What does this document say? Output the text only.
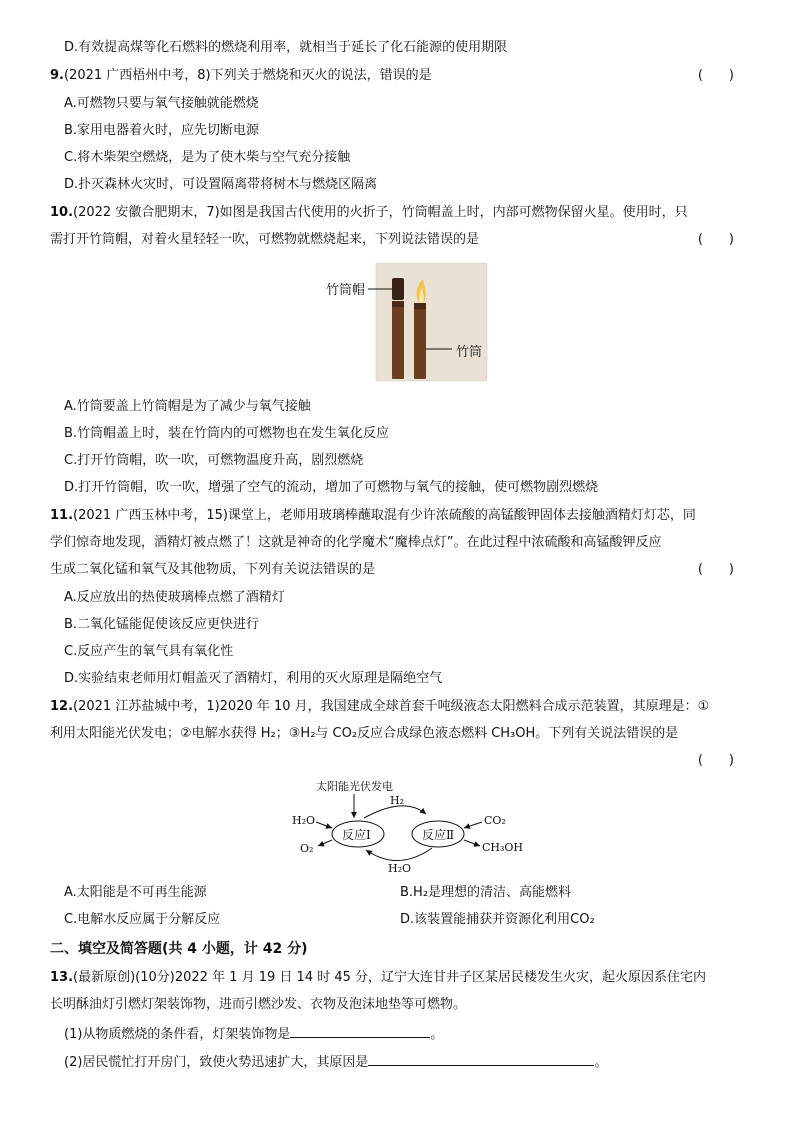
D.有效提高煤等化石燃料的燃烧利用率，就相当于延长了化石能源的使用期限
9.(2021 广西梧州中考，8)下列关于燃烧和灭火的说法，错误的是	(　　)
A.可燃物只要与氧气接触就能燃烧
B.家用电器着火时，应先切断电源
C.将木柴架空燃烧，是为了使木柴与空气充分接触
D.扑灭森林火灾时，可设置隔离带将树木与燃烧区隔离
10.(2022 安徽合肥期末，7)如图是我国古代使用的火折子，竹筒帽盖上时，内部可燃物保留火星。使用时，只
需打开竹筒帽，对着火星轻轻一吹，可燃物就燃烧起来，下列说法错误的是	(　　)
竹筒帽
竹筒
A.竹筒要盖上竹筒帽是为了减少与氧气接触
B.竹筒帽盖上时，装在竹筒内的可燃物也在发生氧化反应
C.打开竹筒帽，吹一吹，可燃物温度升高，剧烈燃烧
D.打开竹筒帽，吹一吹，增强了空气的流动，增加了可燃物与氧气的接触，使可燃物剧烈燃烧
11.(2021 广西玉林中考，15)课堂上，老师用玻璃棒蘸取混有少许浓硫酸的高锰酸钾固体去接触酒精灯灯芯，同
学们惊奇地发现，酒精灯被点燃了！这就是神奇的化学魔术“魔棒点灯”。在此过程中浓硫酸和高锰酸钾反应
生成二氧化锰和氧气及其他物质，下列有关说法错误的是	(　　)
A.反应放出的热使玻璃棒点燃了酒精灯
B.二氧化锰能促使该反应更快进行
C.反应产生的氧气具有氧化性
D.实验结束老师用灯帽盖灭了酒精灯，利用的灭火原理是隔绝空气
12.(2021 江苏盐城中考，1)2020 年 10 月，我国建成全球首套千吨级液态太阳燃料合成示范装置，其原理是：①
利用太阳能光伏发电；②电解水获得 H₂；③H₂与 CO₂反应合成绿色液态燃料 CH₃OH。下列有关说法错误的是
(　　)
太阳能光伏发电
H₂
反应Ⅰ	反应Ⅱ
H₂O
O₂
CO₂
CH₃OH
H₂O
A.太阳能是不可再生能源	B.H₂是理想的清洁、高能燃料
C.电解水反应属于分解反应	D.该装置能捕获并资源化利用CO₂
二、填空及简答题(共 4 小题，计 42 分)
13.(最新原创)(10分)2022 年 1 月 19 日 14 时 45 分，辽宁大连甘井子区某居民楼发生火灾，起火原因系住宅内
长明酥油灯引燃灯架装饰物，进而引燃沙发、衣物及泡沫地垫等可燃物。
(1)从物质燃烧的条件看，灯架装饰物是	。
(2)居民慌忙打开房门，致使火势迅速扩大，其原因是	。
